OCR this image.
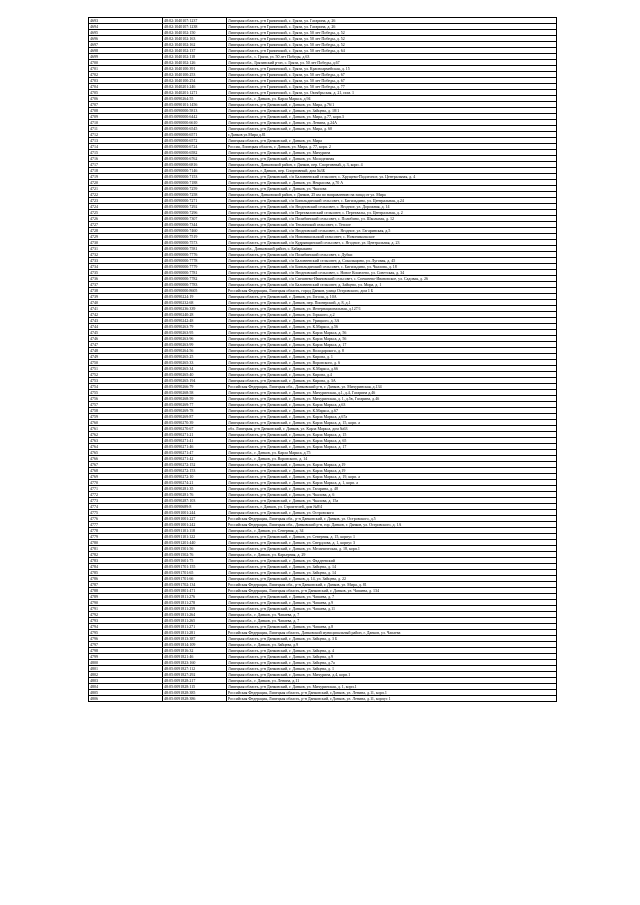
4693	48:02:1040107:1237	Липецкая область, р-н Грязинский, с. Грязи, ул. Гагарина, д. 26
4694	48:02:1040107:1238	Липецкая область, р-н Грязинский, с. Грязи, ул. Гагарина, д. 26
4695	48:02:1040102:150	Липецкая область, р-н Грязинский, с. Грязи, ул. 50 лет Победы, д. 52
4696	48:02:1040102:163	Липецкая область, р-н Грязинский, с. Грязи, ул. 50 лет Победы, д. 52
4697	48:02:1040102:162	Липецкая область, р-н Грязинский, с. Грязи, ул. 50 лет Победы, д. 52
4698	48:02:1040102:137	Липецкая область, р-н Грязинский, с. Грязи, ул. 50 лет Победы, д. 64
4699	48:02:1040102:118	Липецкая обл., с. Грязи, ул. 50 лет Победы, д.63
4700	48:02:1040102:126	Липецкая обл., Грязинский р-он, с. Грязи, ул. 50 лет Победы, д.67
4701	48:02:1040100:391	Липецкая область, р-н Грязинский, с. Грязи, ул. Красноармейская, д. 15
4702	48:02:1040100:253	Липецкая область, р-н Грязинский, с. Грязи, ул. 50 лет Победы, д. 67
4703	48:02:1040100:254	Липецкая область, р-н Грязинский, с. Грязи, ул. 50 лет Победы, д. 67
4704	48:02:1040201:246	Липецкая область, р-н Грязинский, с. Грязи, ул. 50 лет Победы, д. 77
4705	48:02:1040201:1271	Липецкая область, р-н Грязинский, с. Грязи, ул. Октябрьская, д. 21, пом. 1
4706	48:05:0090264:55	Липецкая обл., г. Данков, ул. Карла Маркса, д.94
4707	48:05:0090101:1456	Липецкая область, р-н Данковский, г. Данков, ул. Мира, д.76/1
4708	48:05:0090000:5813	Липецкая область, р-н Данковский, г. Данков, ул. Зайцева, д. 18/1
4709	48:05:0090000:6442	Липецкая область, р-н Данковский, г. Данков, ул. Мира, д.77, корп.3
4710	48:05:0090000:6610	Липецкая область, р-н Данковский, г. Данков, ул. Ленина, д.24А
4711	48:05:0090000:6545	Липецкая область, р-н Данковский, г. Данков, ул. Мира, д. 60
4712	48:05:0090000:6571	г.Данков ул.Мира д.81
4713	48:05:0090000:6572	Липецкая область, р-н Данковский, г. Данков, ул. Мира
4714	48:05:0090000:6724	Россия, Липецкая область, г. Данков, ул. Мира, д. 77, корп. 2
4715	48:05:0090000:6582	Липецкая область, р-н Данковский, г. Данков, ул. Мичурина
4716	48:05:0090000:6762	Липецкая область, р-н Данковский, г. Данков, ул. Молодежная
4717	48:05:0090000:6816	Липецкая область, Данковский район, г. Данков, пер. Спортивный, д. 3, корп. 4
4718	48:05:0090000:7146	Липецкая область, г. Данков, пер. Спортивный, дом №3Б
4719	48:05:0090000:7153	Липецкая область, р-н Данковский, с/п Баловневский сельсовет, с. Хрущево-Подлесное, ул. Центральная, д. 4
4720	48:05:0090000:7188	Липецкая область, р-н Данковский, г. Данков, ул. Некрасова, д.70 А
4721	48:05:0090000:7259	Липецкая область, р-н Данковский, г. Данков, ул. Чкалова
4722	48:05:0090000:7258	Липецкая область, Данковский район, г. Данков, 25 км по направлению на запад от ул. Мира
4723	48:05:0090000:7271	Липецкая область, р-н Данковский, с/п Бигильдинский сельсовет, с. Бигильдино, ул. Центральная, д.24
4724	48:05:0090000:7292	Липецкая область, р-н Данковский, с/п Ягодновский сельсовет, с. Ягодное, ул. Дорожная, д. 14
4725	48:05:0090000:7296	Липецкая область, р-н Данковский, с/п Перехваловский сельсовет, с. Перехвалы, ул. Центральная, д. 2
4726	48:05:0090000:7307	Липецкая область, р-н Данковский, с/п Полибинский сельсовет, с. Полибино, ул. Школьная, д. 12
4727	48:05:0090000:7344	Липецкая область, р-н Данковский, с/п Теплинский сельсовет, с. Теплое
4728	48:05:0090000:7460	Липецкая область, р-н Данковский, с/п Ягодновский сельсовет, с. Ягодное, ул. Гагаринская, д.5
4729	48:05:0090000:7519	Липецкая область, р-н Данковский, с/п Новоникольский сельсовет, с. Новоникольское
4730	48:05:0090000:7573	Липецкая область, р-н Данковский, с/п Кудрявщинский сельсовет, с. Ягодное, ул. Центральная, д. 23
4731	48:05:0090000:7581	Липецкая обл., Данковский район, с. Бабарыкино
4732	48:05:0090000:7776	Липецкая область, р-н Данковский, с/п Полибинский сельсовет, с. Дубки
4733	48:05:0090000:7778	Липецкая область, р-н Данковский, с/п Баловневский сельсовет, д. Сокольщино, ул. Луговая, д. 45
4734	48:05:0090000:7779	Липецкая область, р-н Данковский, с/п Бигильдинский сельсовет, с. Бигильдино, ул. Чкалова, д. 18
4735	48:05:0090000:7781	Липецкая область, р-н Данковский, с/п Ягодновский сельсовет, с. Новое Кошелево, ул. Советская, д. 34
4736	48:05:0090000:7782	Липецкая область, р-н Данковский, с/п Спешнево-Ивановский сельсовет, с. Спешнево-Ивановское, ул. Садовая, д. 26
4737	48:05:0090000:7783	Липецкая область, р-н Данковский, с/п Баловневский сельсовет, д. Зайцево, ул. Мира, д. 1
4738	48:05:0090000:8605	Российская Федерация, Липецкая область, город Данков, улица Островского, дом 1 Б
4739	48:05:0090224:19	Липецкая область, р-н Данковский, г. Данков, ул. Гоголя, д. 10А
4740	48:05:0090232:68	Липецкая область, р-н Данковский, г. Данков, пер. Пионерский, д. 8, д.1
4741	48:05:0090236:339	Липецкая область, р-н Данковский, г. Данков, ул. Интернациональная, д.127/1
4742	48:05:0090240:28	Липецкая область, р-н Данковский, г. Данков, ул. Горького, д.2
4743	48:05:0090242:48	Липецкая область, р-н Данковский, г. Данков, ул. Урицкого, д. 3А
4744	48:05:0090263:79	Липецкая область, р-н Данковский, г. Данков, ул. К.Маркса, д.56
4745	48:05:0090263:95	Липецкая область, р-н Данковский, г. Данков, ул. Карла Маркса, д. 56
4746	48:05:0090263:96	Липецкая область, р-н Данковский, г. Данков, ул. Карла Маркса, д. 56
4747	48:05:0090263:99	Липецкая область, р-н Данковский, г. Данков, ул. Карла Маркса, д. 17
4748	48:05:0090264:56	Липецкая область, р-н Данковский, г. Данков, ул. Володарского, д. 8
4749	48:05:0090265:25	Липецкая область, р-н Данковский, г. Данков, ул. Кирова, д. 1
4750	48:05:0090265:33	Липецкая область, р-н Данковский, г. Данков, ул. Воровского, д. 6
4751	48:05:0090265:34	Липецкая область, р-н Данковский, г. Данков, ул. К.Маркса, д.66
4752	48:05:0090265:40	Липецкая область, р-н Данковский, г. Данков, ул. Кирова, д.4
4753	48:05:0090265:194	Липецкая область, р-н Данковский, г. Данков, ул. Кирова, д. 3А
4754	48:05:0090266:79	Российская Федерация, Липецкая обл., Данковский р-н, г. Данков, ул. Мичуринская, д.134
4755	48:05:0090268:58	Липецкая область, р-н Данковский, г. Данков, ул. Мичуринская, д.1, д.4, Гагарина д.46
4756	48:05:0090268:59	Липецкая область, р-н Данковский, г. Данков, ул. Мичуринская, д. 1, д.5в, Гагарина, д.46
4757	48:05:0090269:77	Липецкая область, р-н Данковский, г. Данков, ул. Карла Маркса, д.63
4758	48:05:0090269:78	Липецкая область, р-н Данковский, г. Данков, ул. К.Маркса, д.67
4759	48:05:0090269:87	Липецкая область, р-н Данковский, г. Данков, ул. Карла Маркса, д.67а
4760	48:05:0090270:39	Липецкая область, р-н Данковский, г. Данков, ул. Карла Маркса, д. 15, корп. а
4761	48:05:0090270:67	обл. Липецкая, р-н Данковский, г. Данков, ул. Карла Маркса, дом №63
4762	48:05:0090271:21	Липецкая область, р-н Данковский, г. Данков, ул. Карла Маркса, д. 15
4763	48:05:0090271:41	Липецкая область, р-н Данковский, г. Данков, ул. Карла Маркса, д. 65
4764	48:05:0090271:46	Липецкая область, р-н Данковский, г. Данков, ул. Карла Маркса, д. 17
4765	48:05:0090271:47	Липецкая обл., г. Данков, ул. Карла Маркса, д.75
4766	48:05:0090271:42	Липецкая обл., г. Данков, ул. Воровского, д. 14
4767	48:05:0090272:152	Липецкая область, р-н Данковский, г. Данков, ул. Карла Маркса, д.19
4768	48:05:0090272:153	Липецкая область, р-н Данковский, г. Данков, ул. Карла Маркса, д.19
4769	48:05:0090272:10	Липецкая область, р-н Данковский, г. Данков, ул. Карла Маркса, д. 19, корп. а
4770	48:05:0090274:21	Липецкая область, р-н Данковский, г. Данков, ул. Карла Маркса, д. 1, корп. а
4771	48:05:0090281:35	Липецкая область, р-н Данковский, г. Данков, ул. Гагарина, д. 48
4772	48:05:0090281:76	Липецкая область, р-н Данковский, г. Данков, ул. Чкалова, д. 6
4773	48:05:0090287:103	Липецкая область, р-н Данковский, г. Данков, ул. Чкалова, д. 15а
4774	48:05:0090689:8	Липецкая область, г. Данков, ул. Строителей, дом №8/4
4775	48:05:0091001:244	Липецкая область, р-н Данковский, г. Данков, ул. Островского
4776	48:05:0091001:227	Российская Федерация, Липецкая обл., р-н Данковский, г. Данков, ул. Островского, д.5
4777	48:05:0091001:242	Российская Федерация, Липецкая обл., Данковский р-н, гор. Данков, г. Данков, ул. Островского, д. 1А
4778	48:05:0091101:118	Липецкая обл., г. Данков, ул. Северная, д. 34
4779	48:05:0091101:122	Липецкая область, р-н Данковский, г. Данков, ул. Северная, д. 15, корпус 1
4780	48:05:0091201:440	Липецкая область, р-н Данковский, г. Данков, ул. Свердлова, д. 1, корпус 3
4781	48:05:0091501:56	Липецкая область, р-н Данковский, г. Данков, ул. Меланическая, д. 18, корп.1
4782	48:05:0091502:76	Липецкая обл., г. Данков, ул. Карьерная, д. 29
4783	48:05:0091601:75	Липецкая область, р-н Данковский, г. Данков, ул. Фаддеевский
4784	48:05:0091701:155	Липецкая область, р-н Данковский, г. Данков, ул. Зайцева, д. 14
4785	48:05:0091701:65	Липецкая область, р-н Данковский, г. Данков, ул. Зайцева, д. 14
4786	48:05:0091701:66	Липецкая область, р-н Данковский, г. Данков, д. 14, ул. Зайцева, д. 22
4787	48:05:0091702:134	Российская Федерация, Липецкая обл., р-н Данковский, г. Данков, ул. Мира, д. 81
4788	48:05:0091801:471	Российская Федерация, Липецкая область, р-н Данковский, г. Данков, ул. Чапаева, д. 134
4789	48:05:0091811:276	Липецкая область, р-н Данковский, г. Данков, ул. Чапаева, д. 7
4790	48:05:0091811:278	Липецкая область, р-н Данковский, г. Данков, ул. Чапаева, д.9
4791	48:05:0091811:259	Липецкая область, р-н Данковский, г. Данков, ул. Чапаева, д.11
4792	48:05:0091811:264	Липецкая обл., г. Данков, ул. Чапаева, д. 7
4793	48:05:0091811:265	Липецкая обл., г. Данков, ул. Чапаева, д. 7
4794	48:05:0091811:271	Липецкая область, р-н Данковский, г. Данков, ул. Чапаева, д.8
4795	48:05:0091811:281	Российская Федерация, Липецкая область, Данковский муниципальный район, г. Данков, ул. Чапаева
4796	48:05:0091813:387	Липецкая область, р-н Данковский, г. Данков, ул. Зайцева, д. 3 Б
4797	48:05:0091814:109	Липецкая обл., г. Данков, ул. Зайцева, д.9
4798	48:05:0091816:32	Липецкая область, р-н Данковский, г. Данков, ул. Зайцева, д. 4
4799	48:05:0091821:46	Липецкая область, р-н Данковский, г. Данков, ул. Зайцева, д.9
4800	48:05:0091823:160	Липецкая область, р-н Данковский, г. Данков, ул. Зайцева, д.7а
4801	48:05:0091827:112	Липецкая область, р-н Данковский, г. Данков, ул. Зайцева, д. 1
4802	48:05:0091827:292	Липецкая область, р-н Данковский, г. Данков, ул. Мичурина, д.4, корп.1
4803	48:05:0091828:217	Липецкая обл., г. Данков, ул. Ленина, д.11
4804	48:05:0091828:115	Липецкая область, р-н Данковский, г. Данков, ул. Мичуринская, д. 1, корп.1
4805	48:05:0091828:385	Российская Федерация, Липецкая область, р-н Данковский, г.Данков, ул. Ленина, д.11, корп.1
4806	48:05:0091828:386	Российская Федерация, Липецкая область, р-н Данковский, г.Данков, ул. Ленина, д.11, корпус 1
